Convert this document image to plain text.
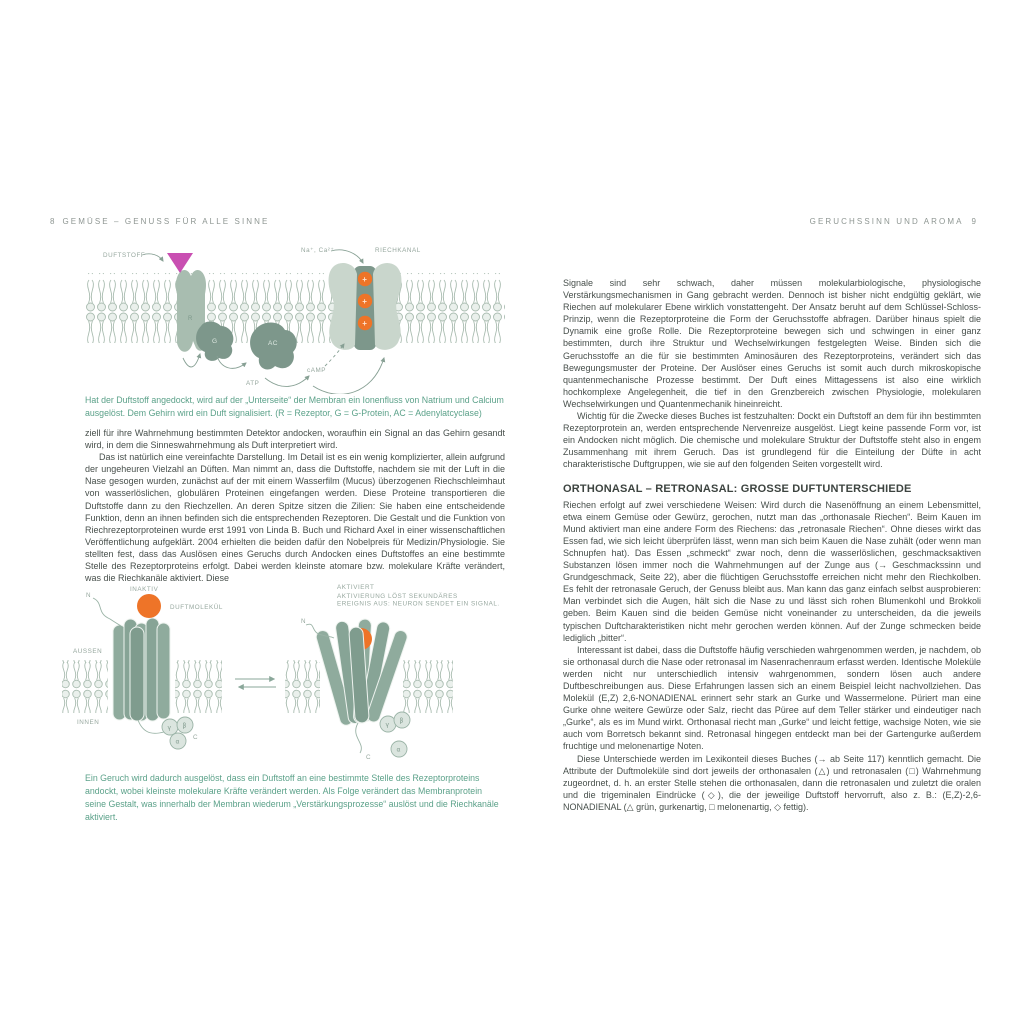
8 GEMÜSE – GENUSS FÜR ALLE SINNE	GERUCHSSINN UND AROMA 9
R
G	AC
+
+
+
DUFTSTOFF
ATP
cAMP
Na⁺, Ca²⁺	RIECHKANAL
Hat der Duftstoff angedockt, wird auf der „Unterseite“ der Membran ein Ionenfluss von Natrium und Calcium ausgelöst. Dem Gehirn wird ein Duft signalisiert. (R = Rezeptor, G = G-Protein, AC = Adenylatcyclase)

ziell für ihre Wahrnehmung bestimmten Detektor andocken, woraufhin ein Signal an das Gehirn gesandt wird, in dem die Sinneswahrnehmung als Duft interpretiert wird.

Das ist natürlich eine vereinfachte Darstellung. Im Detail ist es ein wenig komplizierter, allein aufgrund der ungeheuren Vielzahl an Düften. Man nimmt an, dass die Duftstoffe, nachdem sie mit der Luft in die Nase gesogen wurden, zunächst auf der mit einem Wasserfilm (Mucus) überzogenen Riechschleimhaut von wasserlöslichen, globulären Proteinen eingefangen werden. Diese Proteine transportieren die Duftstoffe dann zu den Riechzellen. An deren Spitze sitzen die Zilien: Sie haben eine entscheidende Funktion, denn an ihnen befinden sich die entsprechenden Rezeptoren. Die Gestalt und die Funktion von Riechrezeptorproteinen wurde erst 1991 von Linda B. Buch und Richard Axel in einer wissenschaftlichen Veröffentlichung aufgeklärt. 2004 erhielten die beiden dafür den Nobelpreis für Medizin/Physiologie. Sie stellten fest, dass das Auslösen eines Geruchs durch Andocken eines Duftstoffes an eine bestimmte Stelle des Rezeptorproteins erfolgt. Dabei werden kleinste atomare bzw. molekulare Kräfte verändert, was die Riechkanäle aktiviert. Diese

γ β
α
γ
β
α
INAKTIV
DUFTMOLEKÜL
AUSSEN
INNEN
N
C
AKTIVIERT
AKTIVIERUNG LÖST SEKUNDÄRES
EREIGNIS AUS: NEURON SENDET EIN SIGNAL.
N
C
Ein Geruch wird dadurch ausgelöst, dass ein Duftstoff an eine bestimmte Stelle des Rezeptorproteins andockt, wobei kleinste molekulare Kräfte verändert werden. Als Folge verändert das Membranprotein seine Gestalt, was innerhalb der Membran wiederum „Verstärkungsprozesse“ auslöst und die Riechkanäle aktiviert.

Signale sind sehr schwach, daher müssen molekularbiologische, physiologische Verstärkungsmechanismen in Gang gebracht werden. Dennoch ist bisher nicht endgültig geklärt, wie Riechen auf molekularer Ebene wirklich vonstattengeht. Der Ansatz beruht auf dem Schlüssel-Schloss-Prinzip, wenn die Rezeptorproteine die Form der Geruchsstoffe abfragen. Darüber hinaus spielt die Dynamik eine große Rolle. Die Rezeptorproteine bewegen sich und schwingen in einer ganz bestimmten, durch ihre Struktur und Wechselwirkungen festgelegten Weise. Binden sich die Geruchsstoffe an die für sie bestimmten Aminosäuren des Rezeptorproteins, verändert sich das Bewegungsmuster der Proteine. Der Auslöser eines Geruchs ist somit auch durch mikroskopische quantenmechanische Prozesse bestimmt. Der Duft eines Mittagessens ist also eine wirklich hochkomplexe Angelegenheit, die tief in den Grenzbereich zwischen Physiologie, molekularen Wechselwirkungen und Quantenmechanik hineinreicht.

Wichtig für die Zwecke dieses Buches ist festzuhalten: Dockt ein Duftstoff an dem für ihn bestimmten Rezeptorprotein an, werden entsprechende Nervenreize ausgelöst. Liegt keine passende Form vor, ist ein Andocken nicht möglich. Die chemische und molekulare Struktur der Duftstoffe steht also in engem Zusammenhang mit ihrem Geruch. Das ist grundlegend für die Einteilung der Düfte in acht charakteristische Duftgruppen, wie sie auf den folgenden Seiten vorgestellt wird.

ORTHONASAL – RETRONASAL: GROSSE DUFTUNTERSCHIEDE

Riechen erfolgt auf zwei verschiedene Weisen: Wird durch die Nasenöffnung an einem Lebensmittel, etwa einem Gemüse oder Gewürz, gerochen, nutzt man das „orthonasale Riechen“. Beim Kauen im Mund aktiviert man eine andere Form des Riechens: das „retronasale Riechen“. Ohne dieses wirkt das Essen fad, wie sich leicht überprüfen lässt, wenn man sich beim Kauen die Nase zuhält (oder wenn man Schnupfen hat). Das Essen „schmeckt“ zwar noch, denn die wasserlöslichen, geschmacksaktiven Substanzen lösen immer noch die Wahrnehmungen auf der Zunge aus (→ Geschmackssinn und Grundgeschmack, Seite 22), aber die flüchtigen Geruchsstoffe erreichen nicht mehr den Riechkolben. Es fehlt der retronasale Geruch, der Genuss bleibt aus. Man kann das ganz einfach selbst ausprobieren: Man verbindet sich die Augen, hält sich die Nase zu und lässt sich rohen Blumenkohl und Brokkoli geben. Beim Kauen sind die beiden Gemüse nicht voneinander zu unterscheiden, da die jeweils typischen Duftcharakteristiken nicht mehr gerochen werden können. Auf der Zunge schmecken beide lediglich „bitter“.

Interessant ist dabei, dass die Duftstoffe häufig verschieden wahrgenommen werden, je nachdem, ob sie orthonasal durch die Nase oder retronasal im Nasenrachenraum erfasst werden. Identische Moleküle werden nicht nur unterschiedlich intensiv wahrgenommen, sondern lösen auch andere Duftbeschreibungen aus. Diese Erfahrungen lassen sich an einem Beispiel leicht nachvollziehen. Das Molekül (E,Z) 2,6-NONADIENAL erinnert sehr stark an Gurke und Wassermelone. Püriert man eine Gurke ohne weitere Gewürze oder Salz, riecht das Püree auf dem Teller stärker und eindeutiger nach „Gurke“, als es im Mund wirkt. Orthonasal riecht man „Gurke“ und leicht fettige, wachsige Noten, wie sie auch vom Borretsch bekannt sind. Retronasal hingegen entdeckt man bei der Gartengurke außerdem fruchtige und melonenartige Noten.

Diese Unterschiede werden im Lexikonteil dieses Buches (→ ab Seite 117) kenntlich gemacht. Die Attribute der Duftmoleküle sind dort jeweils der orthonasalen (△) und retronasalen (□) Wahrnehmung zugeordnet, d. h. an erster Stelle stehen die orthonasalen, dann die retronasalen und zuletzt die oralen und die trigeminalen Eindrücke (◇), die der jeweilige Duftstoff hervorruft, also z. B.: (E,Z)-2,6-NONADIENAL (△ grün, gurkenartig, □ melonenartig, ◇ fettig).
